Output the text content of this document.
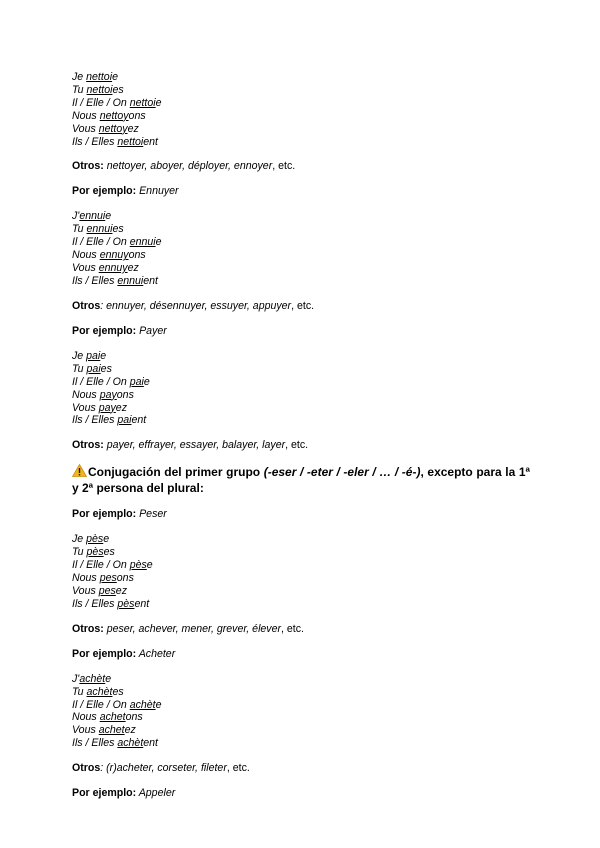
Je nettoie
Tu nettoies
Il / Elle / On nettoie
Nous nettoyons
Vous nettoyez
Ils / Elles nettoient
Otros: nettoyer, aboyer, déployer, ennoyer, etc.
Por ejemplo: Ennuyer
J'ennuie
Tu ennuies
Il / Elle / On ennuie
Nous ennuyons
Vous ennuyez
Ils / Elles ennuient
Otros: ennuyer, désennuyer, essuyer, appuyer, etc.
Por ejemplo: Payer
Je paie
Tu paies
Il / Elle / On paie
Nous payons
Vous payez
Ils / Elles paient
Otros: payer, effrayer, essayer, balayer, layer, etc.
Conjugación del primer grupo (-eser / -eter / -eler / … / -é-), excepto para la 1ª y 2ª persona del plural:
Por ejemplo: Peser
Je pèse
Tu pèses
Il / Elle / On pèse
Nous pesons
Vous pesez
Ils / Elles pèsent
Otros: peser, achever, mener, grever, élever, etc.
Por ejemplo: Acheter
J'achète
Tu achètes
Il / Elle / On achète
Nous achetons
Vous achetez
Ils / Elles achètent
Otros: (r)acheter, corseter, fileter, etc.
Por ejemplo: Appeler
